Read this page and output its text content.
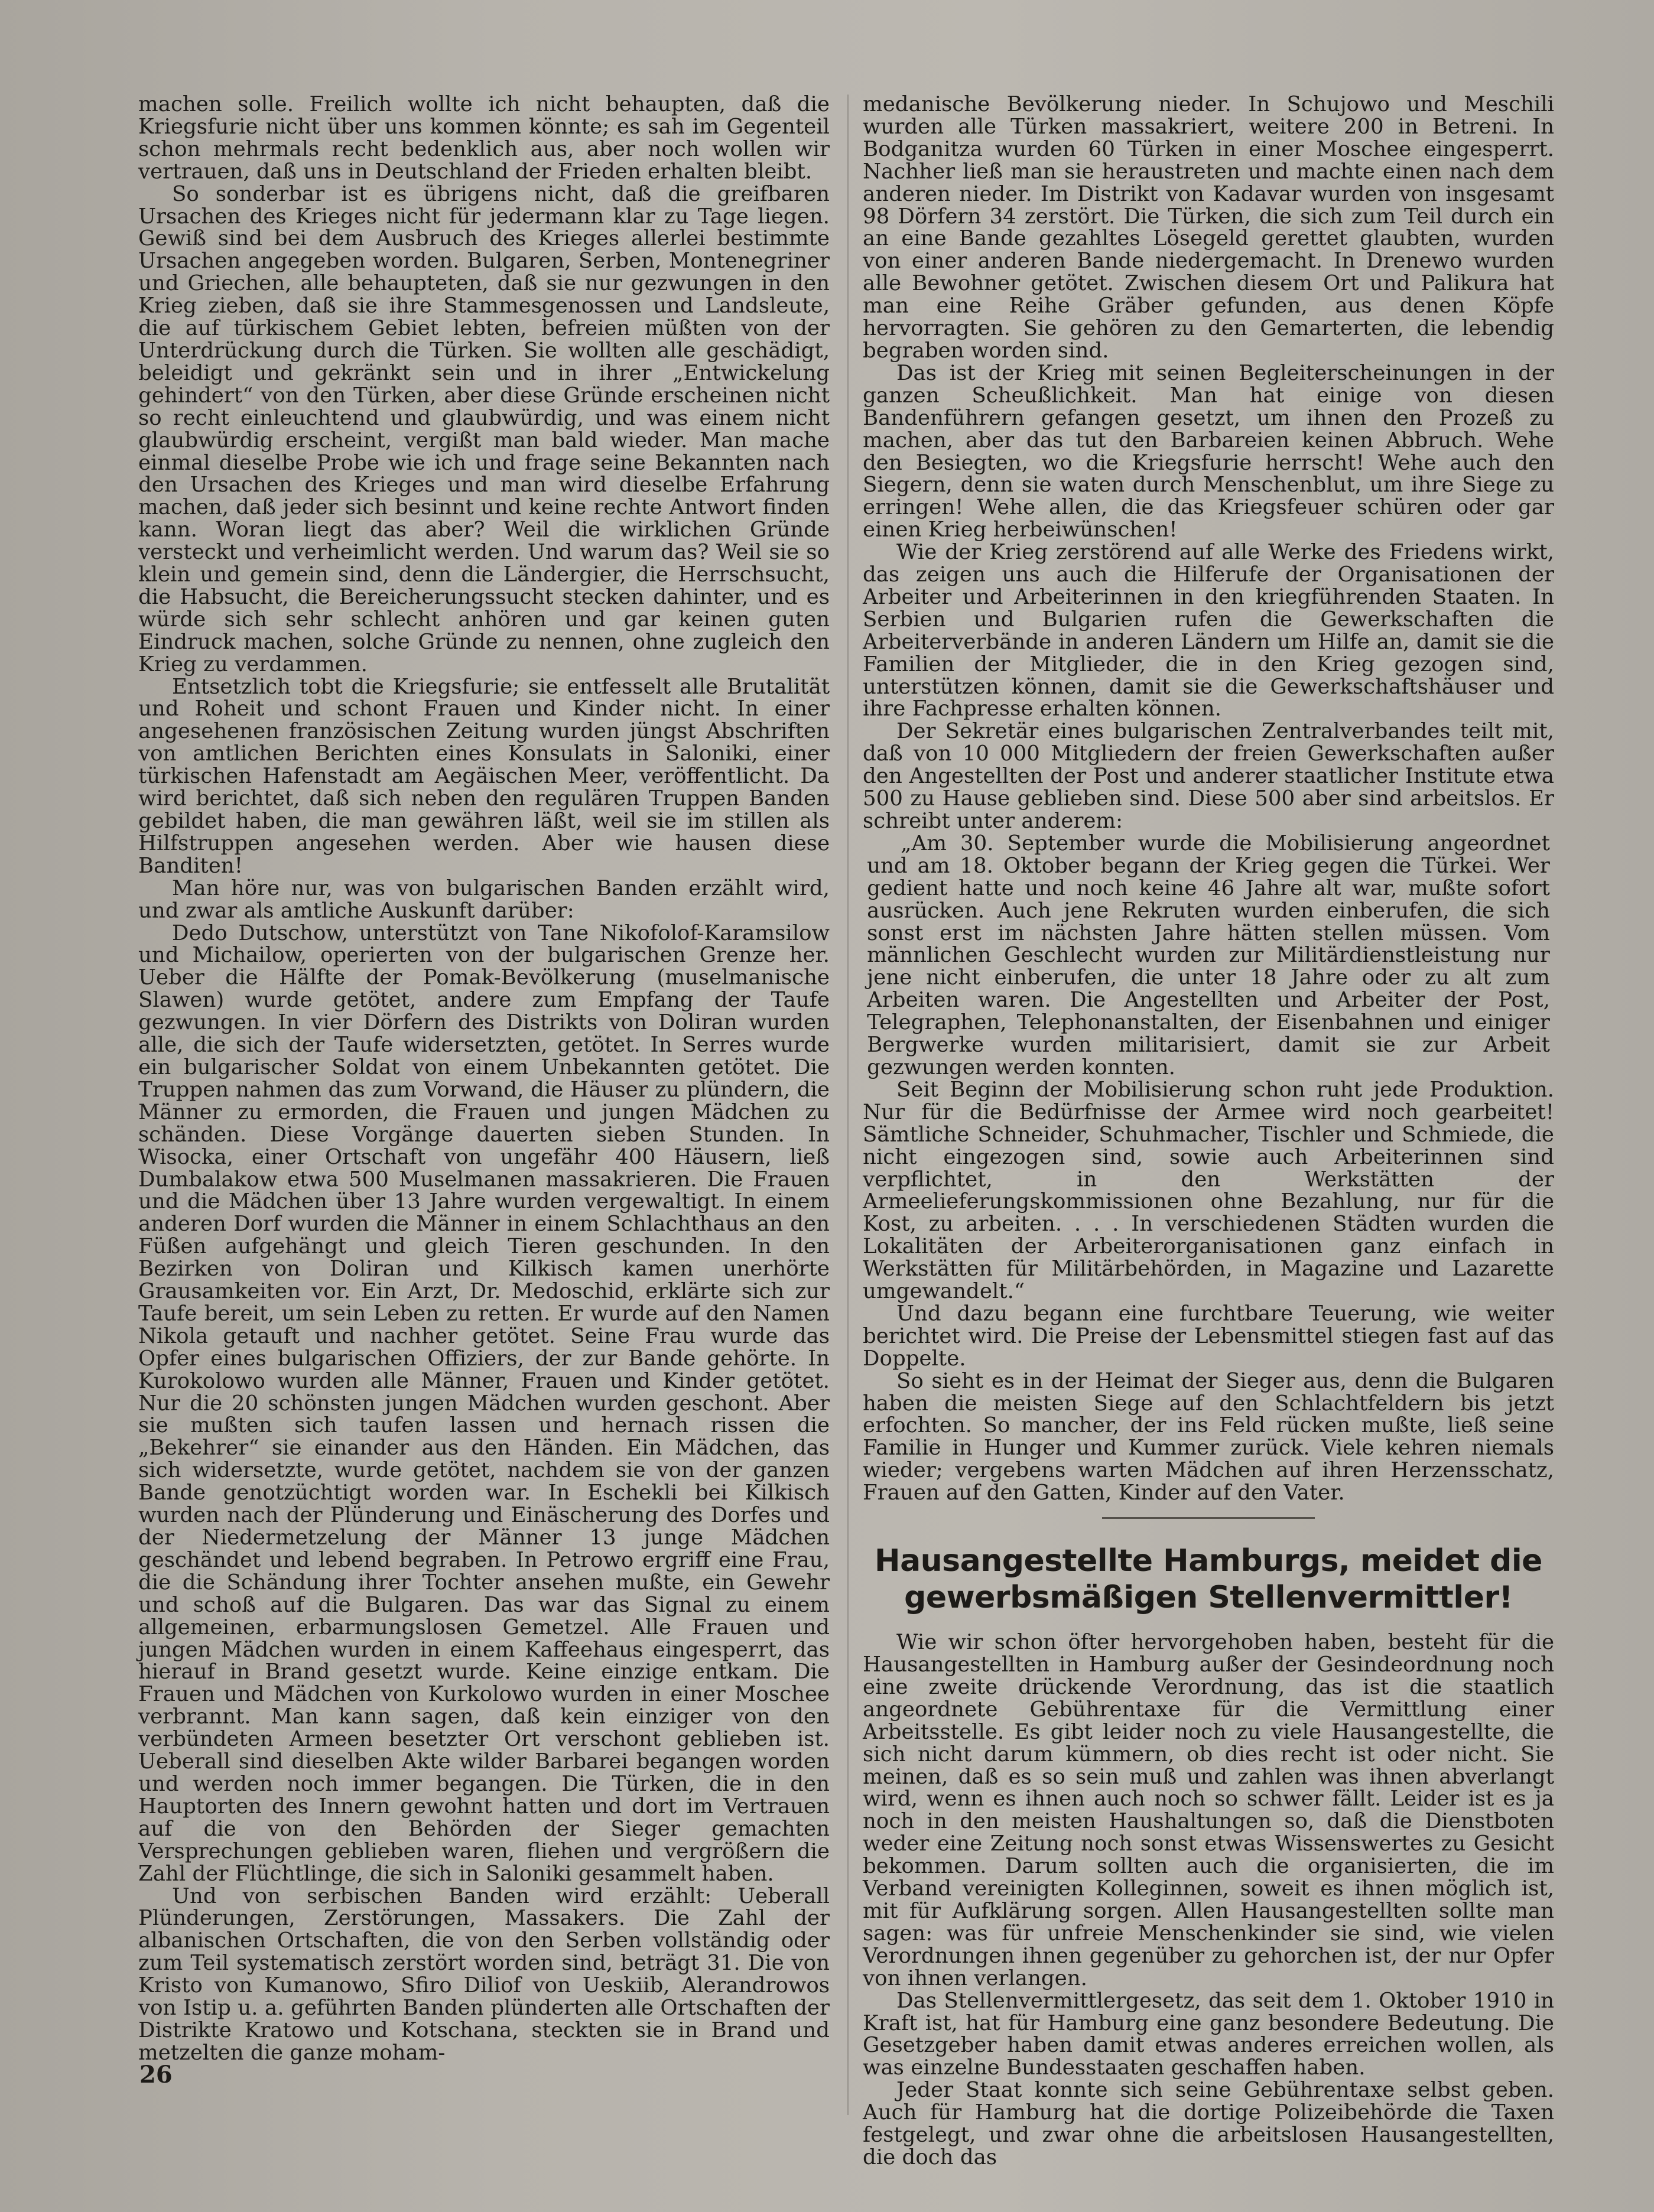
machen solle. Freilich wollte ich nicht behaupten, daß die Kriegsfurie nicht über uns kommen könnte; es sah im Gegenteil schon mehrmals recht bedenklich aus, aber noch wollen wir vertrauen, daß uns in Deutschland der Frieden erhalten bleibt.

So sonderbar ist es übrigens nicht, daß die greifbaren Ursachen des Krieges nicht für jedermann klar zu Tage liegen. Gewiß sind bei dem Ausbruch des Krieges allerlei bestimmte Ursachen angegeben worden. Bulgaren, Serben, Montenegriner und Griechen, alle behaupteten, daß sie nur gezwungen in den Krieg zieben, daß sie ihre Stammesgenossen und Landsleute, die auf türkischem Gebiet lebten, befreien müßten von der Unterdrückung durch die Türken. Sie wollten alle geschädigt, beleidigt und gekränkt sein und in ihrer „Entwickelung gehindert“ von den Türken, aber diese Gründe erscheinen nicht so recht einleuchtend und glaubwürdig, und was einem nicht glaubwürdig erscheint, vergißt man bald wieder. Man mache einmal dieselbe Probe wie ich und frage seine Bekannten nach den Ursachen des Krieges und man wird dieselbe Erfahrung machen, daß jeder sich besinnt und keine rechte Antwort finden kann. Woran liegt das aber? Weil die wirklichen Gründe versteckt und verheimlicht werden. Und warum das? Weil sie so klein und gemein sind, denn die Ländergier, die Herrschsucht, die Habsucht, die Bereicherungssucht stecken dahinter, und es würde sich sehr schlecht anhören und gar keinen guten Eindruck machen, solche Gründe zu nennen, ohne zugleich den Krieg zu verdammen.

Entsetzlich tobt die Kriegsfurie; sie entfesselt alle Brutalität und Roheit und schont Frauen und Kinder nicht. In einer angesehenen französischen Zeitung wurden jüngst Abschriften von amtlichen Berichten eines Konsulats in Saloniki, einer türkischen Hafenstadt am Aegäischen Meer, veröffentlicht. Da wird berichtet, daß sich neben den regulären Truppen Banden gebildet haben, die man gewähren läßt, weil sie im stillen als Hilfstruppen angesehen werden. Aber wie hausen diese Banditen!

Man höre nur, was von bulgarischen Banden erzählt wird, und zwar als amtliche Auskunft darüber:

Dedo Dutschow, unterstützt von Tane Nikofolof-Karamsilow und Michailow, operierten von der bulgarischen Grenze her. Ueber die Hälfte der Pomak-Bevölkerung (muselmanische Slawen) wurde getötet, andere zum Empfang der Taufe gezwungen. In vier Dörfern des Distrikts von Doliran wurden alle, die sich der Taufe widersetzten, getötet. In Serres wurde ein bulgarischer Soldat von einem Unbekannten getötet. Die Truppen nahmen das zum Vorwand, die Häuser zu plündern, die Männer zu ermorden, die Frauen und jungen Mädchen zu schänden. Diese Vorgänge dauerten sieben Stunden. In Wisocka, einer Ortschaft von ungefähr 400 Häusern, ließ Dumbalakow etwa 500 Muselmanen massakrieren. Die Frauen und die Mädchen über 13 Jahre wurden vergewaltigt. In einem anderen Dorf wurden die Männer in einem Schlachthaus an den Füßen aufgehängt und gleich Tieren geschunden. In den Bezirken von Doliran und Kilkisch kamen unerhörte Grausamkeiten vor. Ein Arzt, Dr. Medoschid, erklärte sich zur Taufe bereit, um sein Leben zu retten. Er wurde auf den Namen Nikola getauft und nachher getötet. Seine Frau wurde das Opfer eines bulgarischen Offiziers, der zur Bande gehörte. In Kurokolowo wurden alle Männer, Frauen und Kinder getötet. Nur die 20 schönsten jungen Mädchen wurden geschont. Aber sie mußten sich taufen lassen und hernach rissen die „Bekehrer“ sie einander aus den Händen. Ein Mädchen, das sich widersetzte, wurde getötet, nachdem sie von der ganzen Bande genotzüchtigt worden war. In Eschekli bei Kilkisch wurden nach der Plünderung und Einäscherung des Dorfes und der Niedermetzelung der Männer 13 junge Mädchen geschändet und lebend begraben. In Petrowo ergriff eine Frau, die die Schändung ihrer Tochter ansehen mußte, ein Gewehr und schoß auf die Bulgaren. Das war das Signal zu einem allgemeinen, erbarmungslosen Gemetzel. Alle Frauen und jungen Mädchen wurden in einem Kaffeehaus eingesperrt, das hierauf in Brand gesetzt wurde. Keine einzige entkam. Die Frauen und Mädchen von Kurkolowo wurden in einer Moschee verbrannt. Man kann sagen, daß kein einziger von den verbündeten Armeen besetzter Ort verschont geblieben ist. Ueberall sind dieselben Akte wilder Barbarei begangen worden und werden noch immer begangen. Die Türken, die in den Hauptorten des Innern gewohnt hatten und dort im Vertrauen auf die von den Behörden der Sieger gemachten Versprechungen geblieben waren, fliehen und vergrößern die Zahl der Flüchtlinge, die sich in Saloniki gesammelt haben.

Und von serbischen Banden wird erzählt: Ueberall Plünderungen, Zerstörungen, Massakers. Die Zahl der albanischen Ortschaften, die von den Serben vollständig oder zum Teil systematisch zerstört worden sind, beträgt 31. Die von Kristo von Kumanowo, Sfiro Diliof von Ueskiib, Alerandrowos von Istip u. a. geführten Banden plünderten alle Ortschaften der Distrikte Kratowo und Kotschana, steckten sie in Brand und metzelten die ganze moham-

medanische Bevölkerung nieder. In Schujowo und Meschili wurden alle Türken massakriert, weitere 200 in Betreni. In Bodganitza wurden 60 Türken in einer Moschee eingesperrt. Nachher ließ man sie heraustreten und machte einen nach dem anderen nieder. Im Distrikt von Kadavar wurden von insgesamt 98 Dörfern 34 zerstört. Die Türken, die sich zum Teil durch ein an eine Bande gezahltes Lösegeld gerettet glaubten, wurden von einer anderen Bande niedergemacht. In Drenewo wurden alle Bewohner getötet. Zwischen diesem Ort und Palikura hat man eine Reihe Gräber gefunden, aus denen Köpfe hervorragten. Sie gehören zu den Gemarterten, die lebendig begraben worden sind.

Das ist der Krieg mit seinen Begleiterscheinungen in der ganzen Scheußlichkeit. Man hat einige von diesen Bandenführern gefangen gesetzt, um ihnen den Prozeß zu machen, aber das tut den Barbareien keinen Abbruch. Wehe den Besiegten, wo die Kriegsfurie herrscht! Wehe auch den Siegern, denn sie waten durch Menschenblut, um ihre Siege zu erringen! Wehe allen, die das Kriegsfeuer schüren oder gar einen Krieg herbeiwünschen!

Wie der Krieg zerstörend auf alle Werke des Friedens wirkt, das zeigen uns auch die Hilferufe der Organisationen der Arbeiter und Arbeiterinnen in den kriegführenden Staaten. In Serbien und Bulgarien rufen die Gewerkschaften die Arbeiterverbände in anderen Ländern um Hilfe an, damit sie die Familien der Mitglieder, die in den Krieg gezogen sind, unterstützen können, damit sie die Gewerkschaftshäuser und ihre Fachpresse erhalten können.

Der Sekretär eines bulgarischen Zentralverbandes teilt mit, daß von 10 000 Mitgliedern der freien Gewerkschaften außer den Angestellten der Post und anderer staatlicher Institute etwa 500 zu Hause geblieben sind. Diese 500 aber sind arbeitslos. Er schreibt unter anderem:

„Am 30. September wurde die Mobilisierung angeordnet und am 18. Oktober begann der Krieg gegen die Türkei. Wer gedient hatte und noch keine 46 Jahre alt war, mußte sofort ausrücken. Auch jene Rekruten wurden einberufen, die sich sonst erst im nächsten Jahre hätten stellen müssen. Vom männlichen Geschlecht wurden zur Militärdienstleistung nur jene nicht einberufen, die unter 18 Jahre oder zu alt zum Arbeiten waren. Die Angestellten und Arbeiter der Post, Telegraphen, Telephonanstalten, der Eisenbahnen und einiger Bergwerke wurden militarisiert, damit sie zur Arbeit gezwungen werden konnten.

Seit Beginn der Mobilisierung schon ruht jede Produktion. Nur für die Bedürfnisse der Armee wird noch gearbeitet! Sämtliche Schneider, Schuhmacher, Tischler und Schmiede, die nicht eingezogen sind, sowie auch Arbeiterinnen sind verpflichtet, in den Werkstätten der Armeelieferungskommissionen ohne Bezahlung, nur für die Kost, zu arbeiten. . . . In verschiedenen Städten wurden die Lokalitäten der Arbeiterorganisationen ganz einfach in Werkstätten für Militärbehörden, in Magazine und Lazarette umgewandelt.“

Und dazu begann eine furchtbare Teuerung, wie weiter berichtet wird. Die Preise der Lebensmittel stiegen fast auf das Doppelte.

So sieht es in der Heimat der Sieger aus, denn die Bulgaren haben die meisten Siege auf den Schlachtfeldern bis jetzt erfochten. So mancher, der ins Feld rücken mußte, ließ seine Familie in Hunger und Kummer zurück. Viele kehren niemals wieder; vergebens warten Mädchen auf ihren Herzensschatz, Frauen auf den Gatten, Kinder auf den Vater.

Hausangestellte Hamburgs, meidet die gewerbsmäßigen Stellenvermittler!

Wie wir schon öfter hervorgehoben haben, besteht für die Hausangestellten in Hamburg außer der Gesindeordnung noch eine zweite drückende Verordnung, das ist die staatlich angeordnete Gebührentaxe für die Vermittlung einer Arbeitsstelle. Es gibt leider noch zu viele Hausangestellte, die sich nicht darum kümmern, ob dies recht ist oder nicht. Sie meinen, daß es so sein muß und zahlen was ihnen abverlangt wird, wenn es ihnen auch noch so schwer fällt. Leider ist es ja noch in den meisten Haushaltungen so, daß die Dienstboten weder eine Zeitung noch sonst etwas Wissenswertes zu Gesicht bekommen. Darum sollten auch die organisierten, die im Verband vereinigten Kolleginnen, soweit es ihnen möglich ist, mit für Aufklärung sorgen. Allen Hausangestellten sollte man sagen: was für unfreie Menschenkinder sie sind, wie vielen Verordnungen ihnen gegenüber zu gehorchen ist, der nur Opfer von ihnen verlangen.

Das Stellenvermittlergesetz, das seit dem 1. Oktober 1910 in Kraft ist, hat für Hamburg eine ganz besondere Bedeutung. Die Gesetzgeber haben damit etwas anderes erreichen wollen, als was einzelne Bundesstaaten geschaffen haben.

Jeder Staat konnte sich seine Gebührentaxe selbst geben. Auch für Hamburg hat die dortige Polizeibehörde die Taxen festgelegt, und zwar ohne die arbeitslosen Hausangestellten, die doch das

26
